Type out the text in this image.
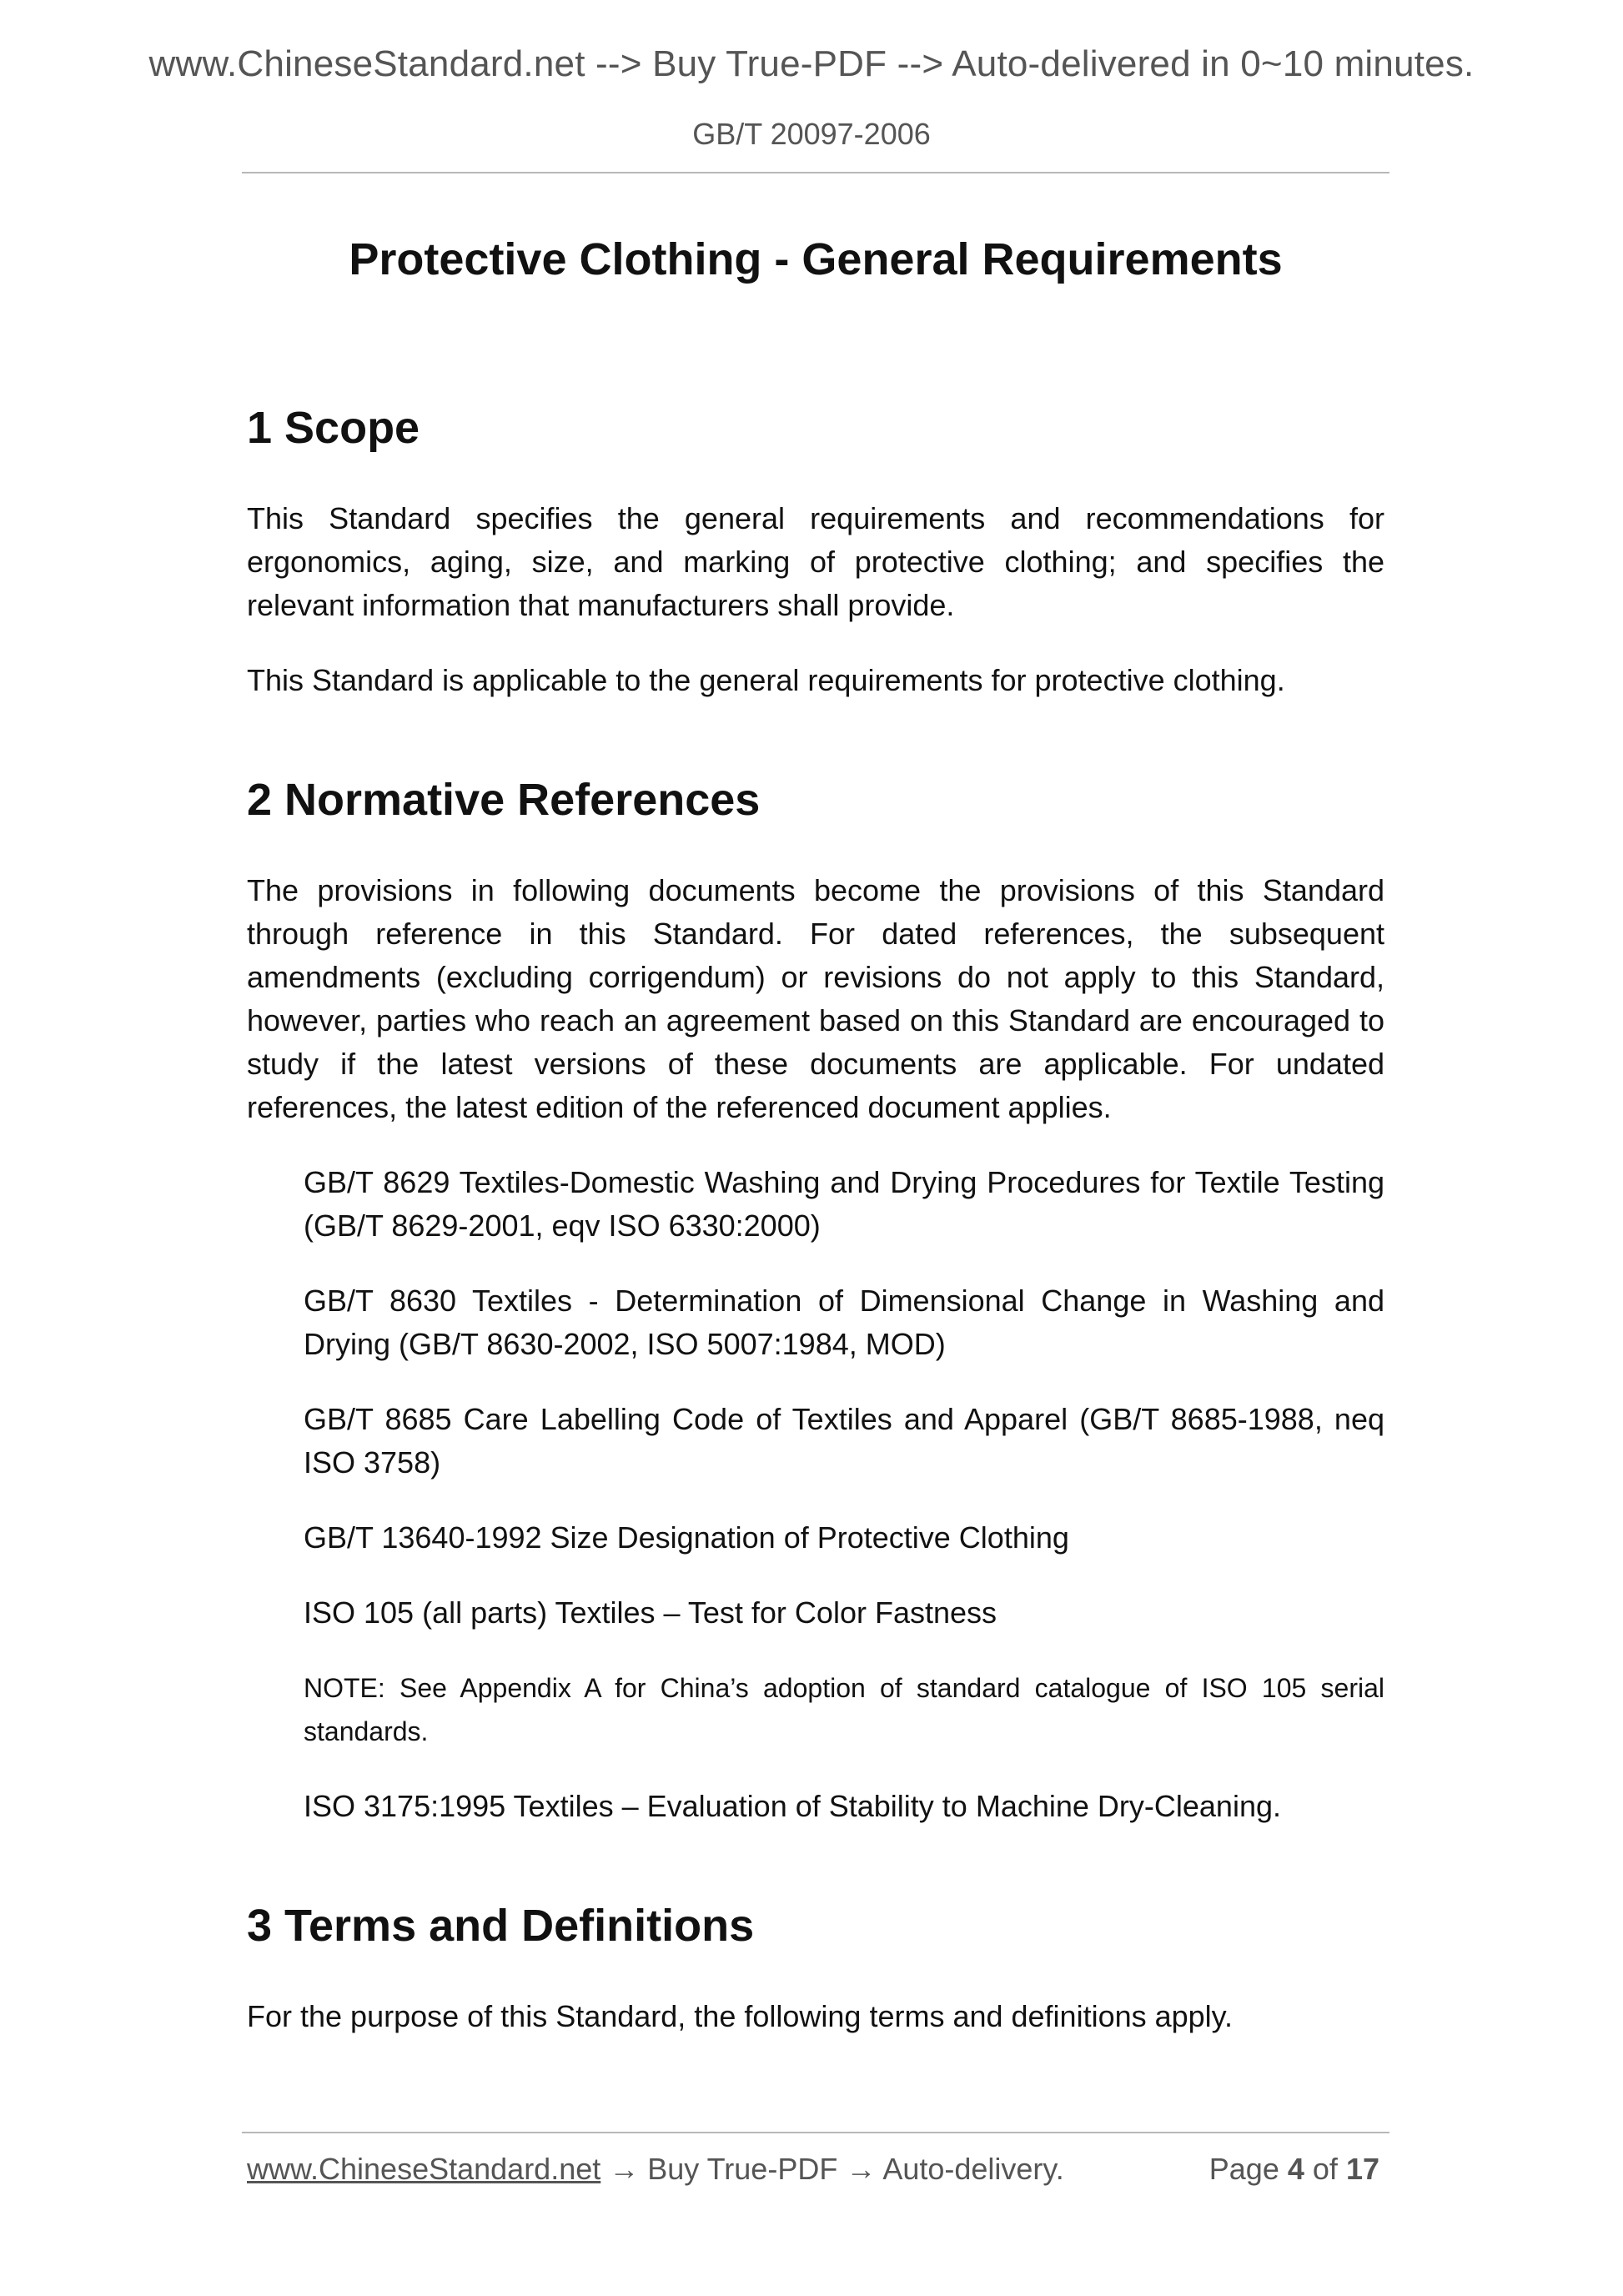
www.ChineseStandard.net --> Buy True-PDF --> Auto-delivered in 0~10 minutes.
GB/T 20097-2006
Protective Clothing - General Requirements
1 Scope

This Standard specifies the general requirements and recommendations for ergonomics, aging, size, and marking of protective clothing; and specifies the relevant information that manufacturers shall provide.

This Standard is applicable to the general requirements for protective clothing.

2 Normative References

The provisions in following documents become the provisions of this Standard through reference in this Standard. For dated references, the subsequent amendments (excluding corrigendum) or revisions do not apply to this Standard, however, parties who reach an agreement based on this Standard are encouraged to study if the latest versions of these documents are applicable. For undated references, the latest edition of the referenced document applies.

GB/T 8629 Textiles-Domestic Washing and Drying Procedures for Textile Testing (GB/T 8629-2001, eqv ISO 6330:2000)

GB/T 8630 Textiles - Determination of Dimensional Change in Washing and Drying (GB/T 8630-2002, ISO 5007:1984, MOD)

GB/T 8685 Care Labelling Code of Textiles and Apparel (GB/T 8685-1988, neq ISO 3758)

GB/T 13640-1992 Size Designation of Protective Clothing

ISO 105 (all parts) Textiles – Test for Color Fastness

NOTE: See Appendix A for China’s adoption of standard catalogue of ISO 105 serial standards.

ISO 3175:1995 Textiles – Evaluation of Stability to Machine Dry-Cleaning.

3 Terms and Definitions

For the purpose of this Standard, the following terms and definitions apply.

www.ChineseStandard.net → Buy True-PDF → Auto-delivery.	Page 4 of 17
